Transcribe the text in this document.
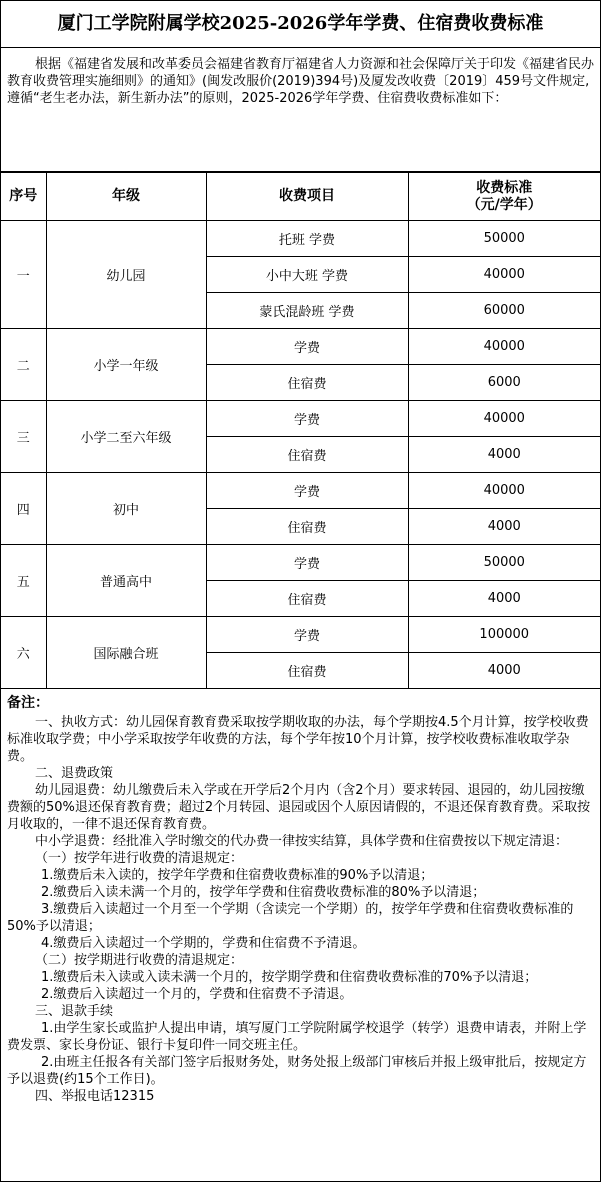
厦门工学院附属学校2025-2026学年学费、住宿费收费标准
根据《福建省发展和改革委员会福建省教育厅福建省人力资源和社会保障厅关于印发《福建省民办教育收费管理实施细则》的通知》(闽发改服价(2019)394号)及厦发改收费〔2019〕459号文件规定,遵循“老生老办法，新生新办法”的原则，2025-2026学年学费、住宿费收费标准如下：
序号	年级	收费项目	收费标准
（元/学年）

一	幼儿园	托班 学费	50000
		小中大班 学费	40000
		蒙氏混龄班 学费	60000
二	小学一年级	学费	40000
		住宿费	6000
三	小学二至六年级	学费	40000
		住宿费	4000
四	初中	学费	40000
		住宿费	4000
五	普通高中	学费	50000
		住宿费	4000
六	国际融合班	学费	100000
		住宿费	4000

备注：

一、执收方式：幼儿园保育教育费采取按学期收取的办法，每个学期按4.5个月计算，按学校收费标准收取学费；中小学采取按学年收费的方法，每个学年按10个月计算，按学校收费标准收取学杂费。

二、退费政策

幼儿园退费：幼儿缴费后未入学或在开学后2个月内（含2个月）要求转园、退园的，幼儿园按缴费额的50%退还保育教育费；超过2个月转园、退园或因个人原因请假的，不退还保育教育费。采取按月收取的，一律不退还保育教育费。

中小学退费：经批准入学时缴交的代办费一律按实结算，具体学费和住宿费按以下规定清退：

（一）按学年进行收费的清退规定：

1.缴费后未入读的，按学年学费和住宿费收费标准的90%予以清退；

2.缴费后入读未满一个月的，按学年学费和住宿费收费标准的80%予以清退；

3.缴费后入读超过一个月至一个学期（含读完一个学期）的，按学年学费和住宿费收费标准的50%予以清退；

4.缴费后入读超过一个学期的，学费和住宿费不予清退。

（二）按学期进行收费的清退规定：

1.缴费后未入读或入读未满一个月的，按学期学费和住宿费收费标准的70%予以清退；

2.缴费后入读超过一个月的，学费和住宿费不予清退。

三、退款手续

1.由学生家长或监护人提出申请，填写厦门工学院附属学校退学（转学）退费申请表，并附上学费发票、家长身份证、银行卡复印件一同交班主任。

2.由班主任报各有关部门签字后报财务处，财务处报上级部门审核后并报上级审批后，按规定方予以退费(约15个工作日)。

四、举报电话12315
